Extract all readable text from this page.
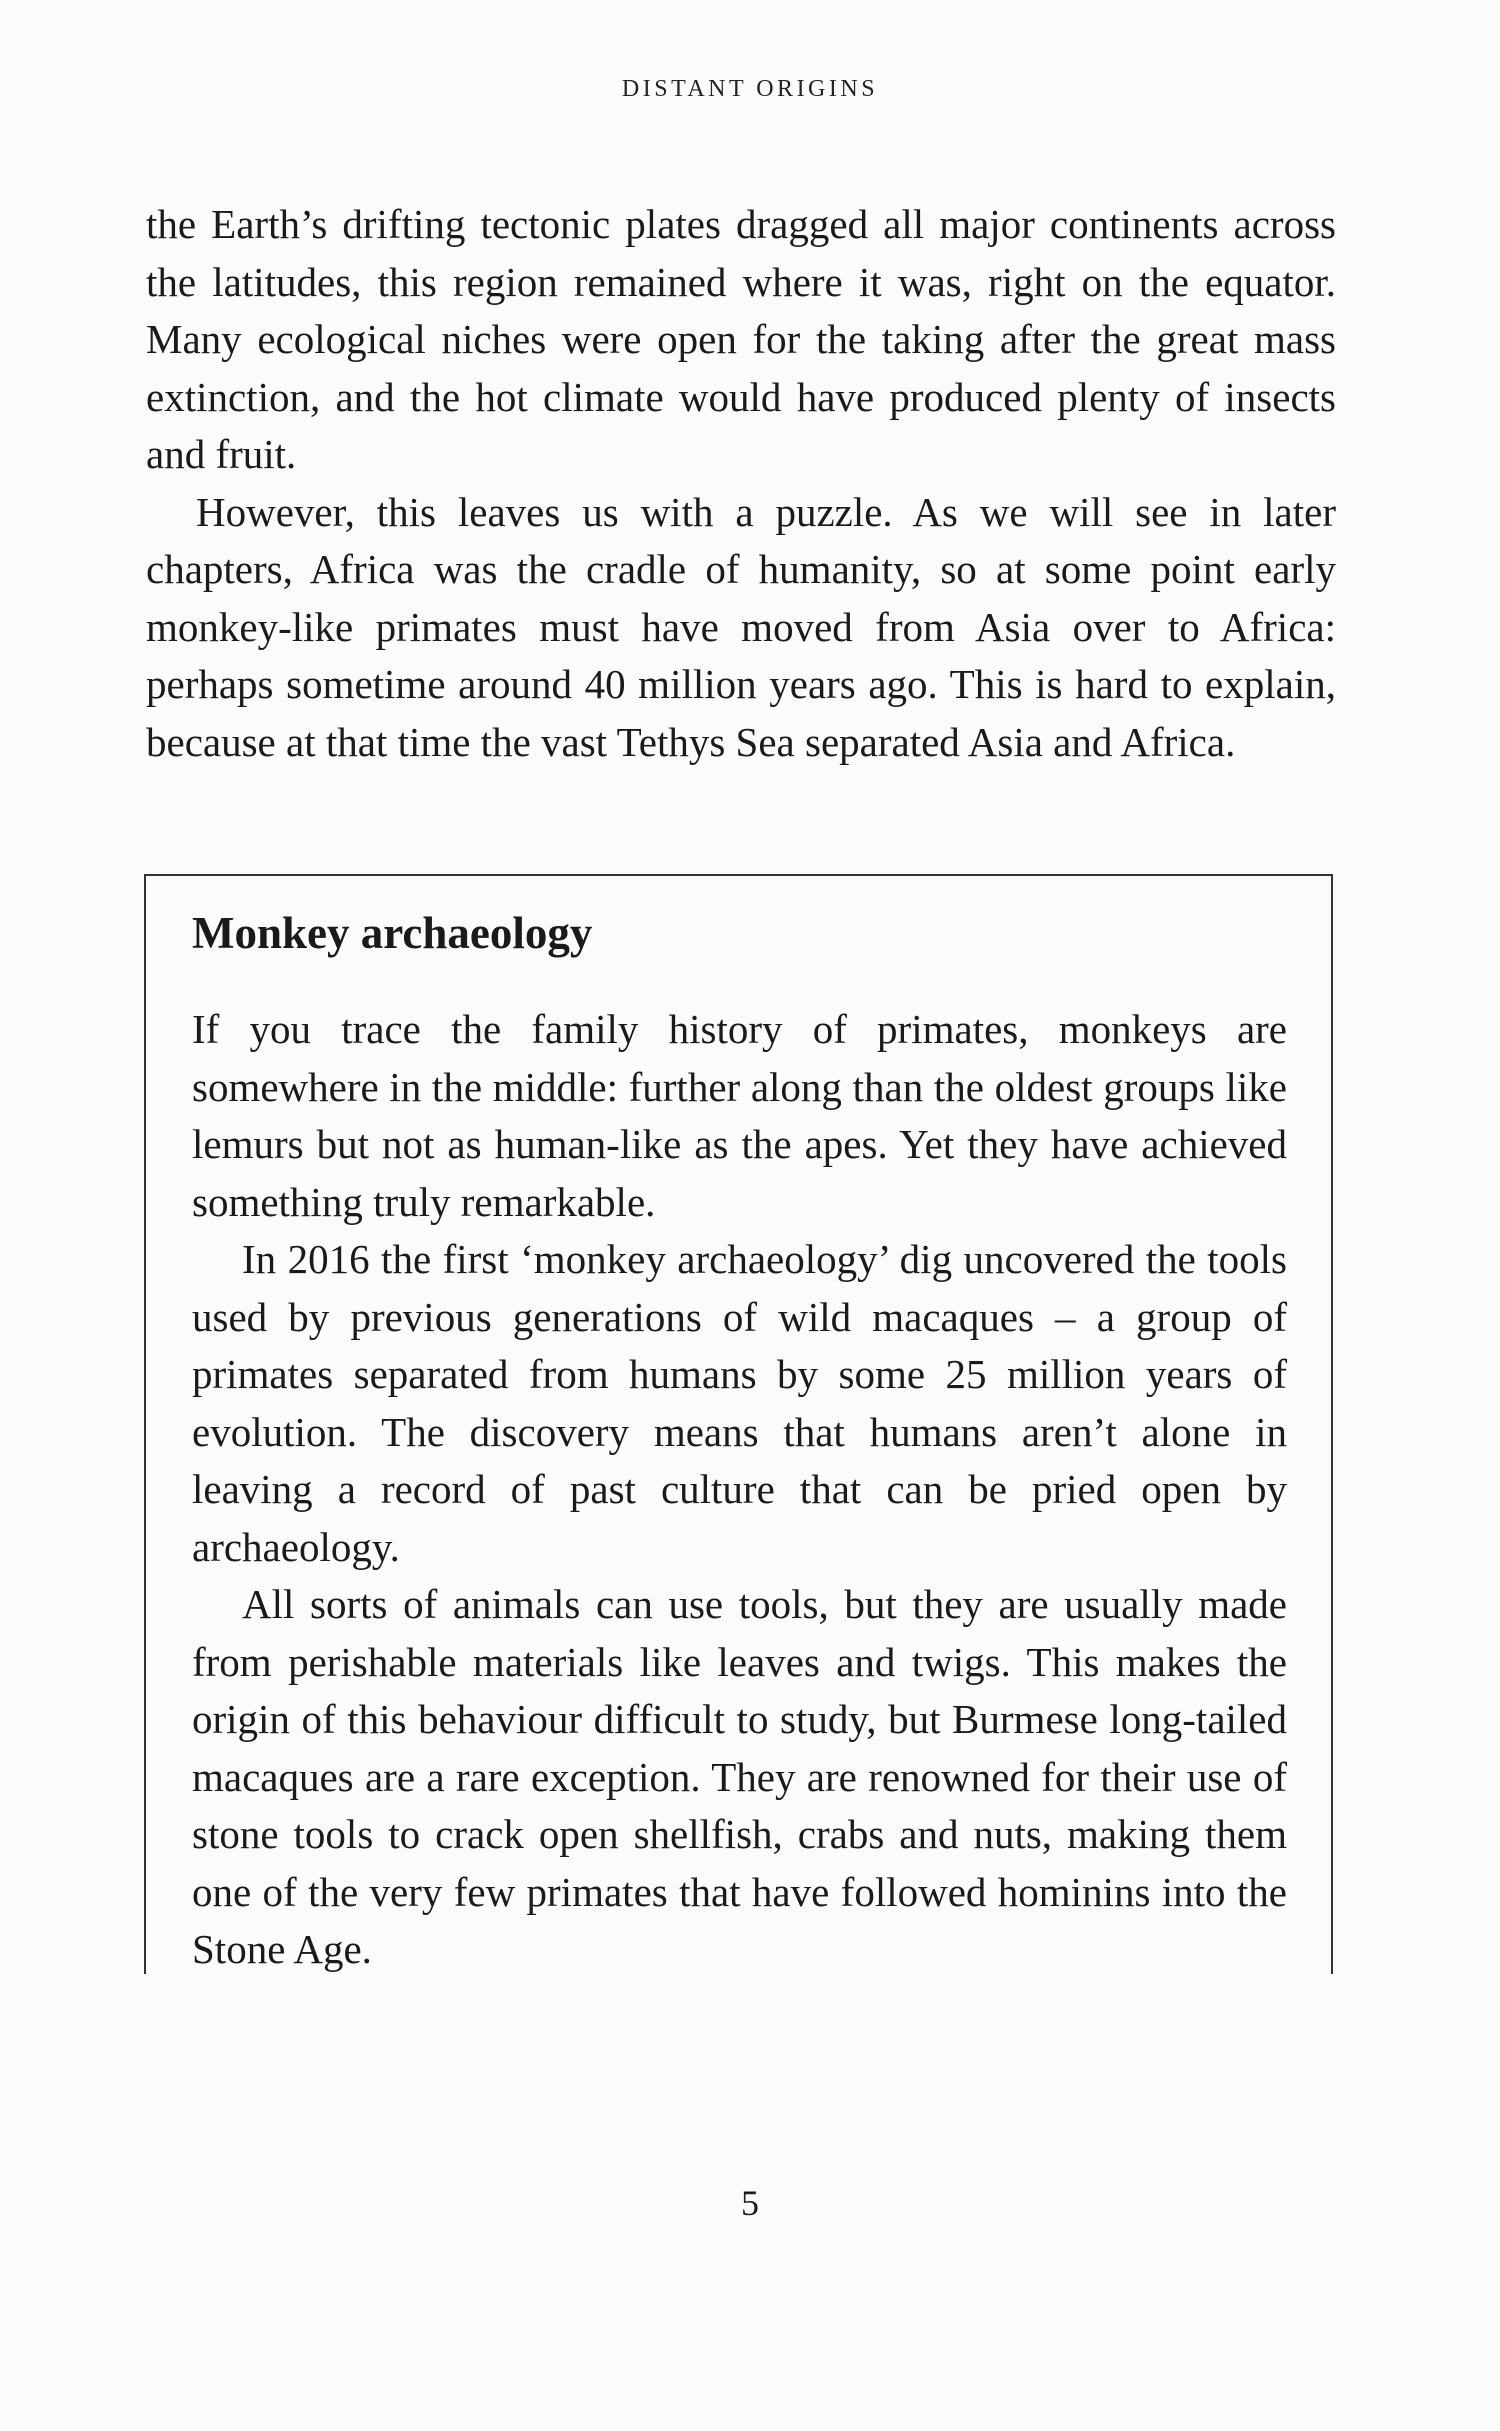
DISTANT ORIGINS

the Earth’s drifting tectonic plates dragged all major continents across the latitudes, this region remained where it was, right on the equator. Many ecological niches were open for the taking after the great mass extinction, and the hot climate would have produced plenty of insects and fruit.

However, this leaves us with a puzzle. As we will see in later chapters, Africa was the cradle of humanity, so at some point early monkey-like primates must have moved from Asia over to Africa: perhaps sometime around 40 million years ago. This is hard to explain, because at that time the vast Tethys Sea separated Asia and Africa.

Monkey archaeology

If you trace the family history of primates, monkeys are somewhere in the middle: further along than the oldest groups like lemurs but not as human-like as the apes. Yet they have achieved something truly remarkable.

In 2016 the first ‘monkey archaeology’ dig uncovered the tools used by previous generations of wild macaques – a group of primates separated from humans by some 25 million years of evolution. The discovery means that humans aren’t alone in leaving a record of past culture that can be pried open by archaeology.

All sorts of animals can use tools, but they are usually made from perishable materials like leaves and twigs. This makes the origin of this behaviour difficult to study, but Burmese long-tailed macaques are a rare exception. They are renowned for their use of stone tools to crack open shellfish, crabs and nuts, making them one of the very few primates that have followed hominins into the Stone Age.

5
